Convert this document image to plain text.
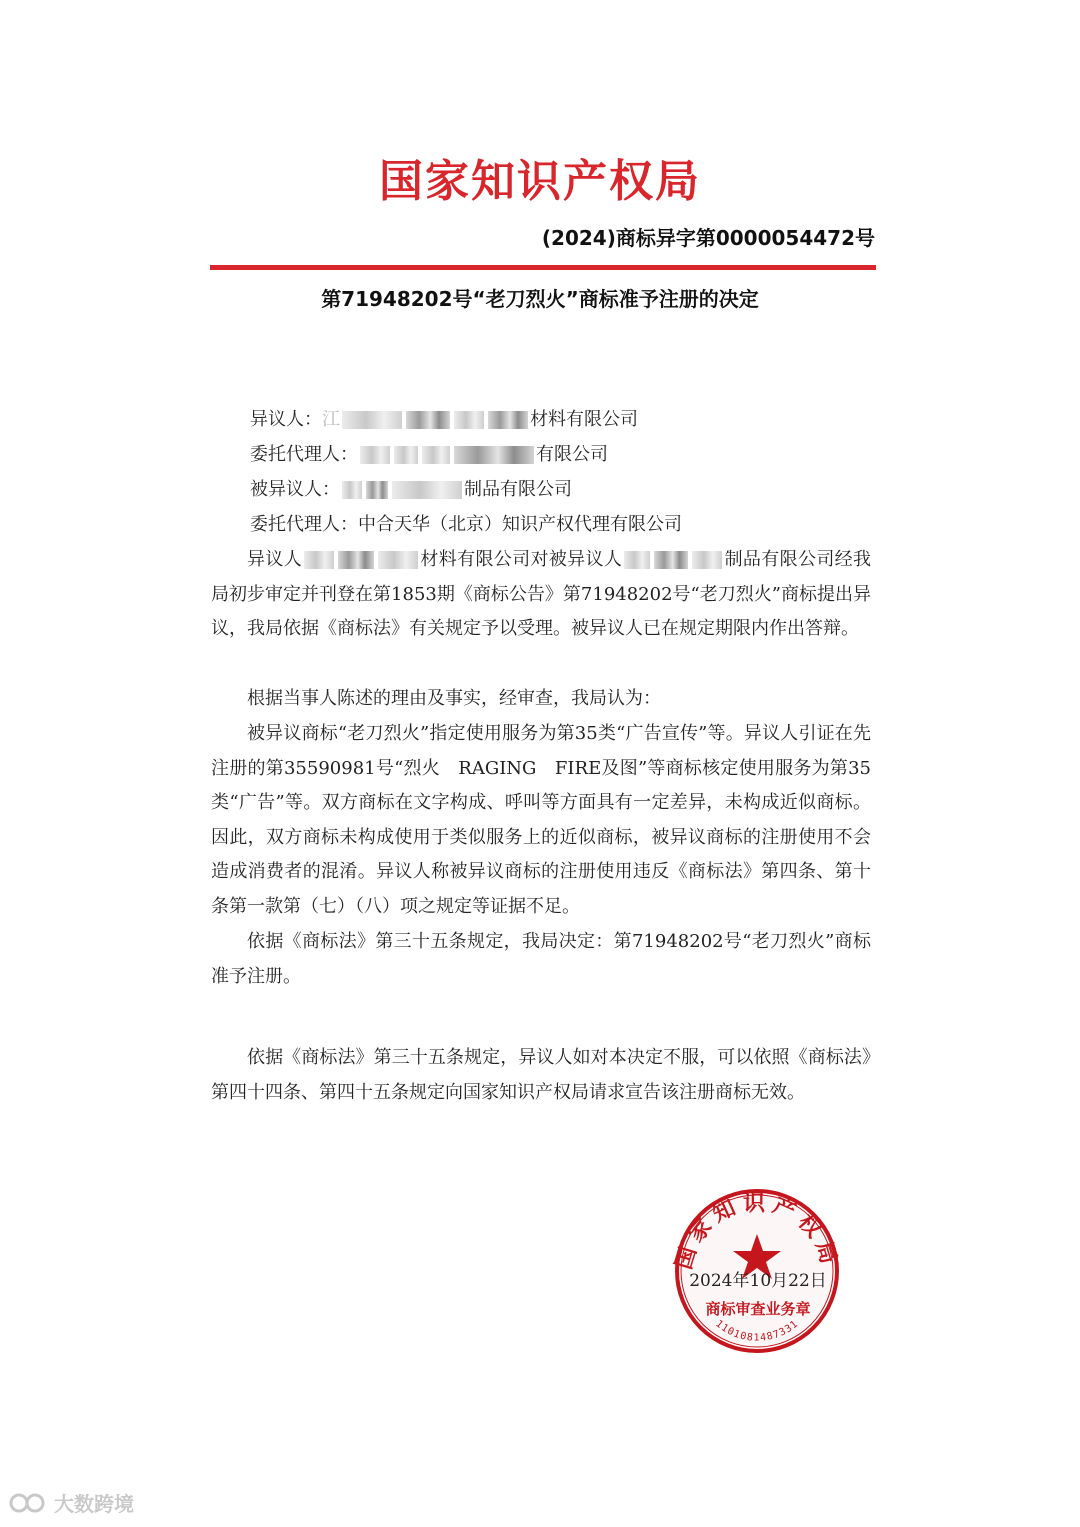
国家知识产权局
(2024)商标异字第0000054472号
第71948202号“老刀烈火”商标准予注册的决定
异议人：江	材料有限公司
委托代理人：	有限公司
被异议人：	制品有限公司
委托代理人：中合天华（北京）知识产权代理有限公司
异议人	材料有限公司对被异议人	制品有限公司经我局初步审定并刊登在第1853期《商标公告》第71948202号“老刀烈火”商标提出异议，我局依据《商标法》有关规定予以受理。被异议人已在规定期限内作出答辩。
根据当事人陈述的理由及事实，经审查，我局认为：
被异议商标“老刀烈火”指定使用服务为第35类“广告宣传”等。异议人引证在先注册的第35590981号“烈火　RAGING　FIRE及图”等商标核定使用服务为第35类“广告”等。双方商标在文字构成、呼叫等方面具有一定差异，未构成近似商标。因此，双方商标未构成使用于类似服务上的近似商标，被异议商标的注册使用不会造成消费者的混淆。异议人称被异议商标的注册使用违反《商标法》第四条、第十条第一款第（七）（八）项之规定等证据不足。
依据《商标法》第三十五条规定，我局决定：第71948202号“老刀烈火”商标准予注册。
依据《商标法》第三十五条规定，异议人如对本决定不服，可以依照《商标法》第四十四条、第四十五条规定向国家知识产权局请求宣告该注册商标无效。
国家知识产权局
1101081487331
2024年10月22日
商标审查业务章
大数跨境
